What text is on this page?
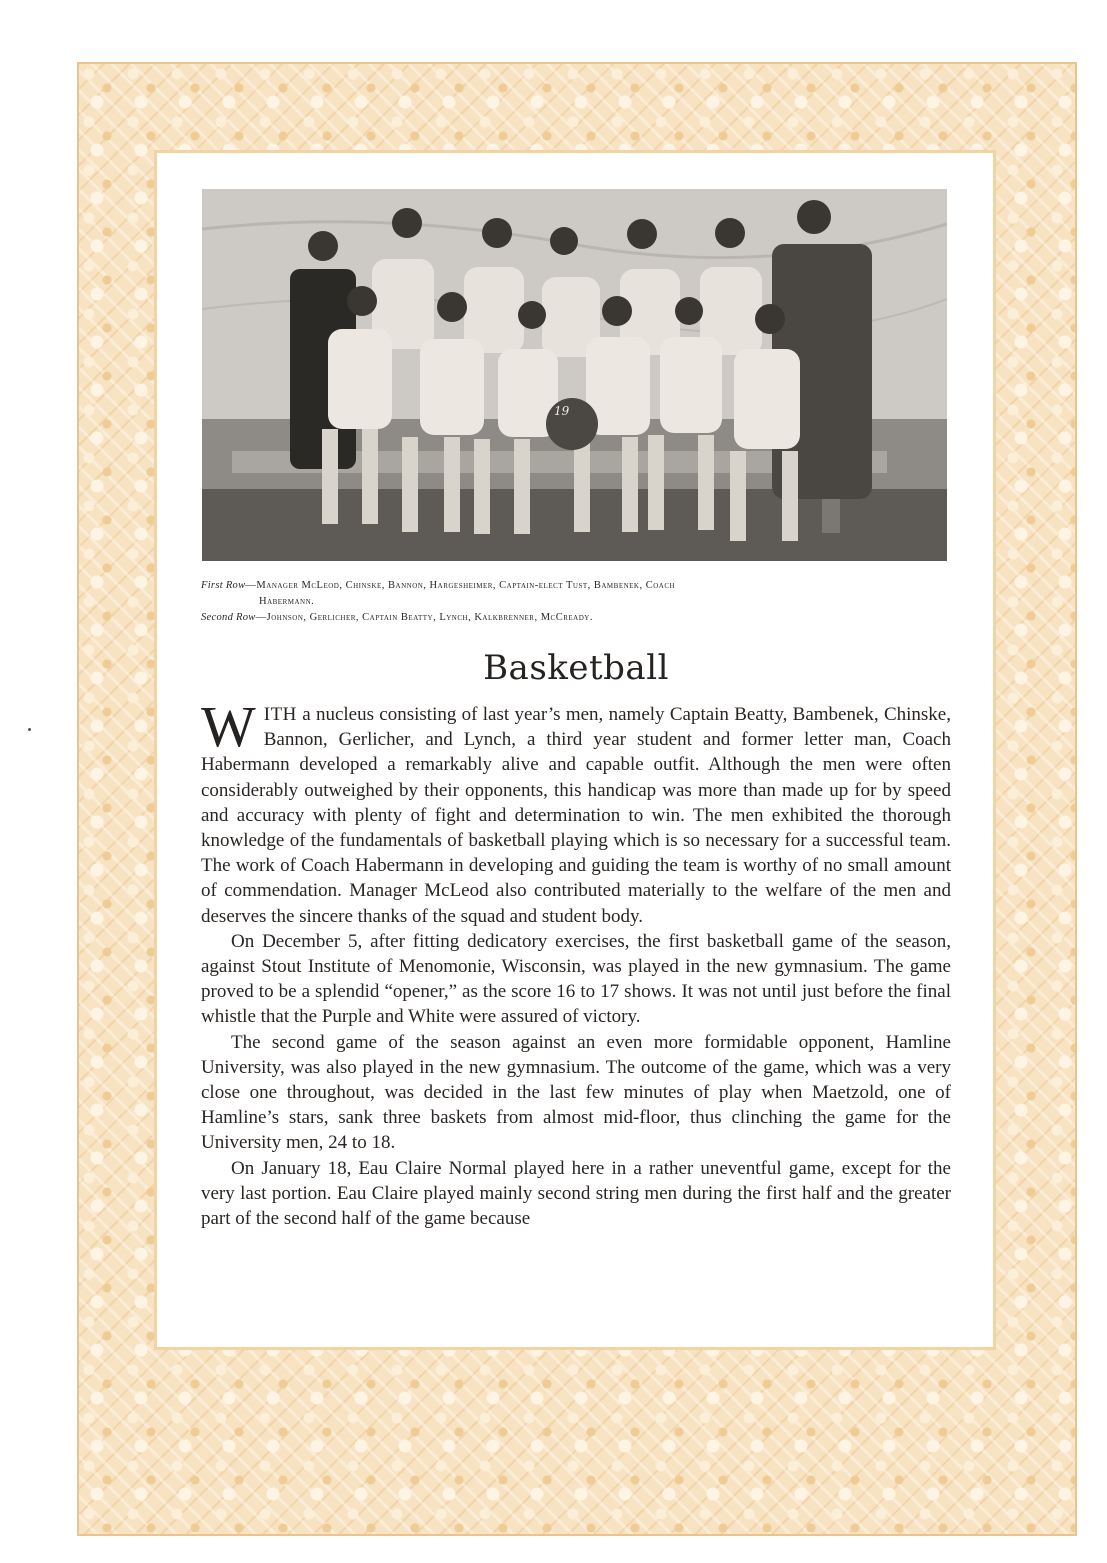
19
First Row—Manager McLeod, Chinske, Bannon, Hargesheimer, Captain-elect Tust, Bambenek, Coach
Habermann.
Second Row—Johnson, Gerlicher, Captain Beatty, Lynch, Kalkbrenner, McCready.
Basketball

WITH a nucleus consisting of last year’s men, namely Captain Beatty, Bambenek, Chinske, Bannon, Gerlicher, and Lynch, a third year student and former letter man, Coach Habermann developed a remarkably alive and capable outfit. Although the men were often considerably outweighed by their opponents, this handicap was more than made up for by speed and accuracy with plenty of fight and determination to win. The men exhibited the thorough knowledge of the fundamentals of basketball playing which is so necessary for a successful team. The work of Coach Habermann in developing and guiding the team is worthy of no small amount of commendation. Manager McLeod also contributed materially to the welfare of the men and deserves the sincere thanks of the squad and student body.

On December 5, after fitting dedicatory exercises, the first basketball game of the season, against Stout Institute of Menomonie, Wisconsin, was played in the new gymnasium. The game proved to be a splendid “opener,” as the score 16 to 17 shows. It was not until just before the final whistle that the Purple and White were assured of victory.

The second game of the season against an even more formidable opponent, Hamline University, was also played in the new gymnasium. The outcome of the game, which was a very close one throughout, was decided in the last few minutes of play when Maetzold, one of Hamline’s stars, sank three baskets from almost mid-floor, thus clinching the game for the University men, 24 to 18.

On January 18, Eau Claire Normal played here in a rather uneventful game, except for the very last portion. Eau Claire played mainly second string men during the first half and the greater part of the second half of the game because
